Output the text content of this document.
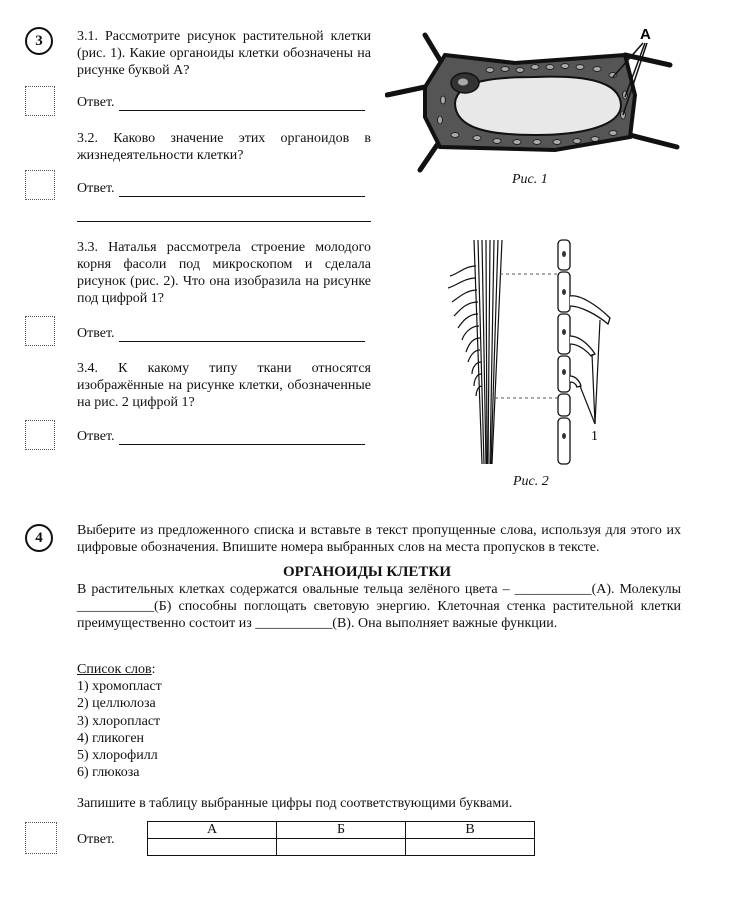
3	3.1. Рассмотрите рисунок растительной клетки (рис. 1). Какие органоиды клетки обозначены на рисунке буквой А?
Ответ.
3.2. Каково значение этих органоидов в жизнедеятельности клетки?
Ответ.
3.3. Наталья рассмотрела строение молодого корня фасоли под микроскопом и сделала рисунок (рис. 2). Что она изобразила на рисунке под цифрой 1?
Ответ.
3.4. К какому типу ткани относятся изображённые на рисунке клетки, обозначенные на рис. 2 цифрой 1?
Ответ.
А
Рис. 1
1
Рис. 2
4	Выберите из предложенного списка и вставьте в текст пропущенные слова, используя для этого их цифровые обозначения. Впишите номера выбранных слов на места пропусков в тексте.
ОРГАНОИДЫ КЛЕТКИ
В растительных клетках содержатся овальные тельца зелёного цвета – ___________(А). Молекулы ___________(Б) способны поглощать световую энергию. Клеточная стенка растительной клетки преимущественно состоит из ___________(В). Она выполняет важные функции.
Список слов:
1) хромопласт
2) целлюлоза
3) хлоропласт
4) гликоген
5) хлорофилл
6) глюкоза
Запишите в таблицу выбранные цифры под соответствующими буквами.
Ответ.
А	Б	В
